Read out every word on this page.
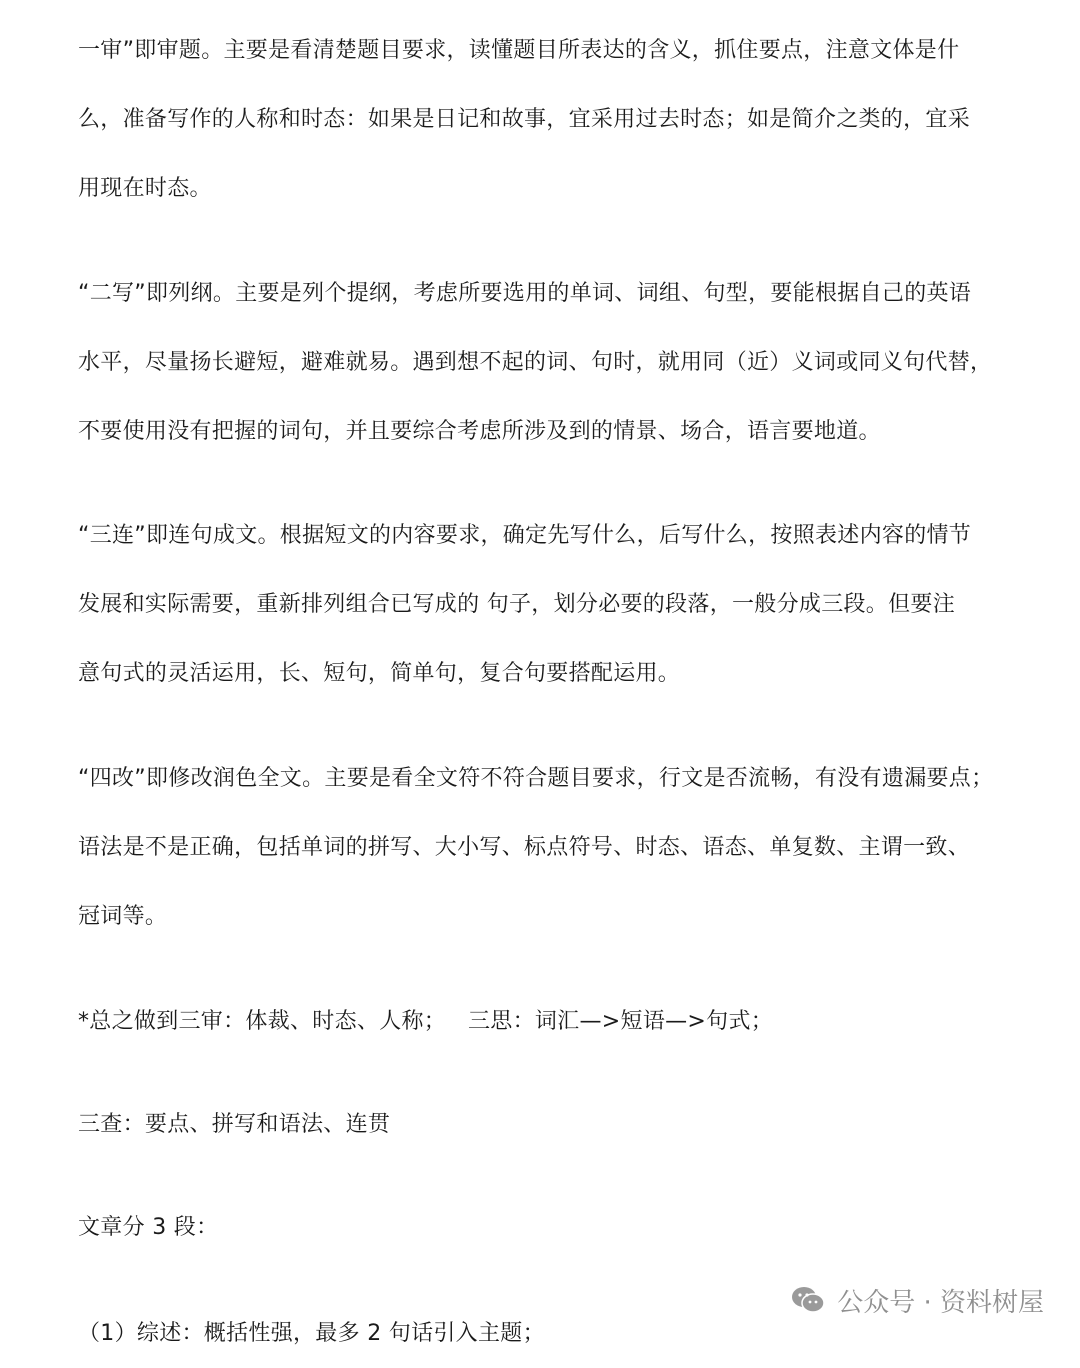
一审”即审题。主要是看清楚题目要求，读懂题目所表达的含义，抓住要点，注意文体是什
么，准备写作的人称和时态：如果是日记和故事，宜采用过去时态；如是简介之类的，宜采
用现在时态。

“二写”即列纲。主要是列个提纲，考虑所要选用的单词、词组、句型，要能根据自己的英语
水平，尽量扬长避短，避难就易。遇到想不起的词、句时，就用同（近）义词或同义句代替，
不要使用没有把握的词句，并且要综合考虑所涉及到的情景、场合，语言要地道。

“三连”即连句成文。根据短文的内容要求，确定先写什么，后写什么，按照表述内容的情节
发展和实际需要，重新排列组合已写成的 句子，划分必要的段落，一般分成三段。但要注
意句式的灵活运用，长、短句，简单句，复合句要搭配运用。

“四改”即修改润色全文。主要是看全文符不符合题目要求，行文是否流畅，有没有遗漏要点；
语法是不是正确，包括单词的拼写、大小写、标点符号、时态、语态、单复数、主谓一致、
冠词等。

*总之做到三审：体裁、时态、人称；   三思：词汇—>短语—>句式；

三查：要点、拼写和语法、连贯

文章分 3 段：

（1）综述：概括性强，最多 2 句话引入主题；

公众号 · 资料树屋
